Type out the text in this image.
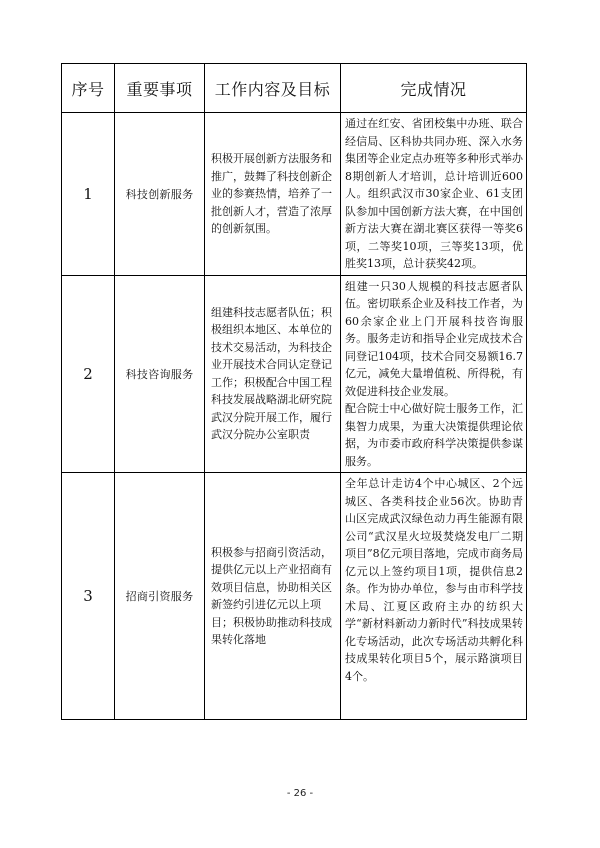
序号	重要事项	工作内容及目标	完成情况
1	科技创新服务	积极开展创新方法服务和推广，鼓舞了科技创新企业的参赛热情，培养了一批创新人才，营造了浓厚的创新氛围。	通过在红安、省团校集中办班、联合经信局、区科协共同办班、深入水务集团等企业定点办班等多种形式举办8期创新人才培训，总计培训近600人。组织武汉市30家企业、61支团队参加中国创新方法大赛，在中国创新方法大赛在湖北赛区获得一等奖6项，二等奖10项，三等奖13项，优胜奖13项，总计获奖42项。

2	科技咨询服务	组建科技志愿者队伍；积极组织本地区、本单位的技术交易活动，为科技企业开展技术合同认定登记工作；积极配合中国工程科技发展战略湖北研究院武汉分院开展工作，履行武汉分院办公室职责	组建一只30人规模的科技志愿者队伍。密切联系企业及科技工作者，为60余家企业上门开展科技咨询服务。服务走访和指导企业完成技术合同登记104项，技术合同交易额16.7亿元，减免大量增值税、所得税，有效促进科技企业发展。

配合院士中心做好院士服务工作，汇集智力成果，为重大决策提供理论依据，为市委市政府科学决策提供参谋服务。

3	招商引资服务	积极参与招商引资活动，提供亿元以上产业招商有效项目信息，协助相关区新签约引进亿元以上项目；积极协助推动科技成果转化落地	全年总计走访4个中心城区、2个远城区、各类科技企业56次。协助青山区完成武汉绿色动力再生能源有限公司“武汉星火垃圾焚烧发电厂二期项目”8亿元项目落地，完成市商务局亿元以上签约项目1项，提供信息2条。作为协办单位，参与由市科学技术局、江夏区政府主办的纺织大学“新材料新动力新时代”科技成果转化专场活动，此次专场活动共孵化科技成果转化项目5个，展示路演项目4个。

- 26 -
